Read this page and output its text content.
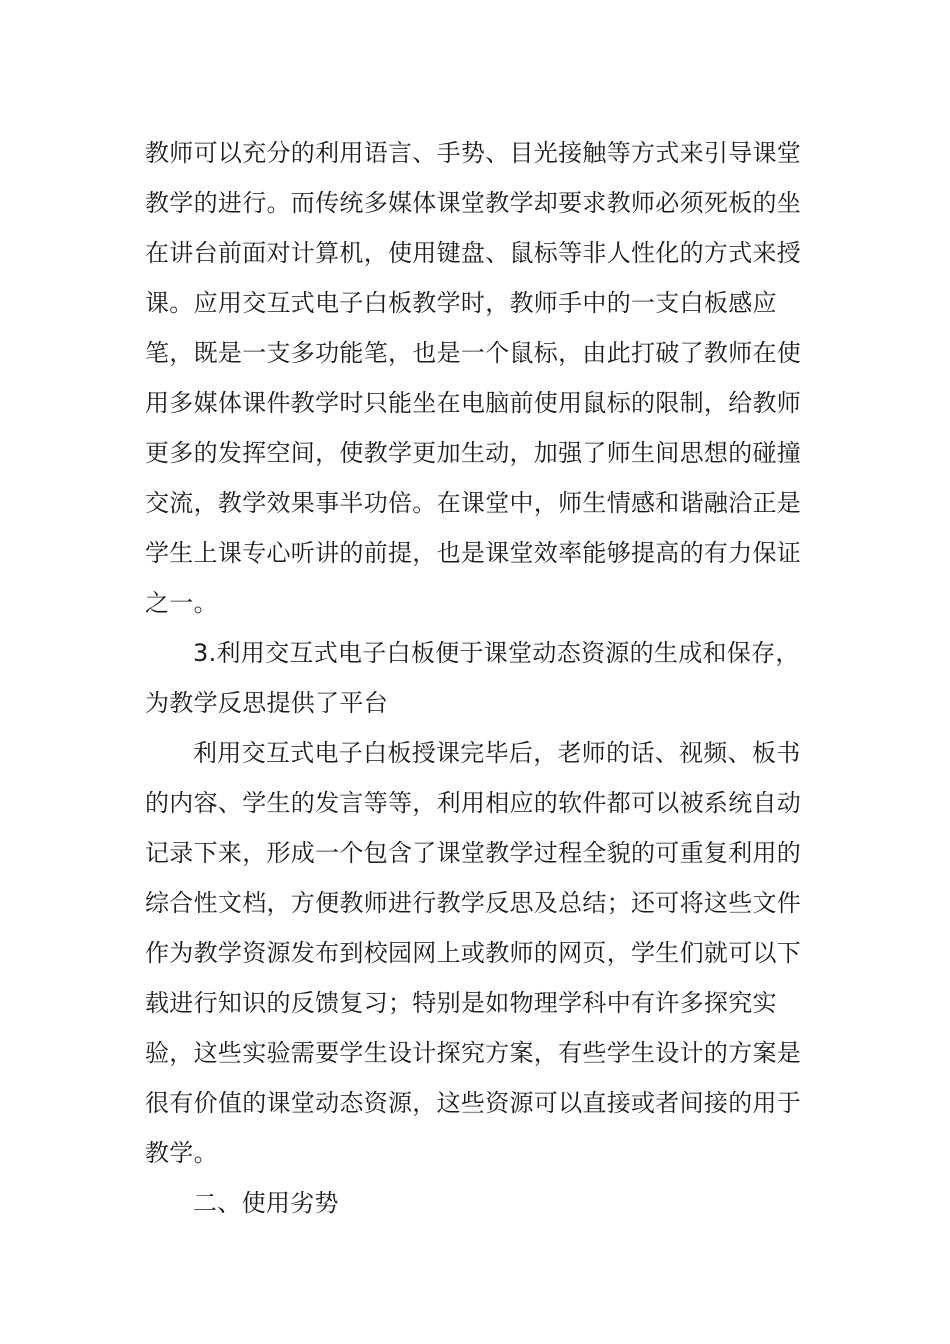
教师可以充分的利用语言、手势、目光接触等方式来引导课堂
教学的进行。而传统多媒体课堂教学却要求教师必须死板的坐
在讲台前面对计算机，使用键盘、鼠标等非人性化的方式来授
课。应用交互式电子白板教学时，教师手中的一支白板感应
笔，既是一支多功能笔，也是一个鼠标，由此打破了教师在使
用多媒体课件教学时只能坐在电脑前使用鼠标的限制，给教师
更多的发挥空间，使教学更加生动，加强了师生间思想的碰撞
交流，教学效果事半功倍。在课堂中，师生情感和谐融洽正是
学生上课专心听讲的前提，也是课堂效率能够提高的有力保证
之一。
3.利用交互式电子白板便于课堂动态资源的生成和保存，
为教学反思提供了平台
利用交互式电子白板授课完毕后，老师的话、视频、板书
的内容、学生的发言等等，利用相应的软件都可以被系统自动
记录下来，形成一个包含了课堂教学过程全貌的可重复利用的
综合性文档，方便教师进行教学反思及总结；还可将这些文件
作为教学资源发布到校园网上或教师的网页，学生们就可以下
载进行知识的反馈复习；特别是如物理学科中有许多探究实
验，这些实验需要学生设计探究方案，有些学生设计的方案是
很有价值的课堂动态资源，这些资源可以直接或者间接的用于
教学。
二、使用劣势
